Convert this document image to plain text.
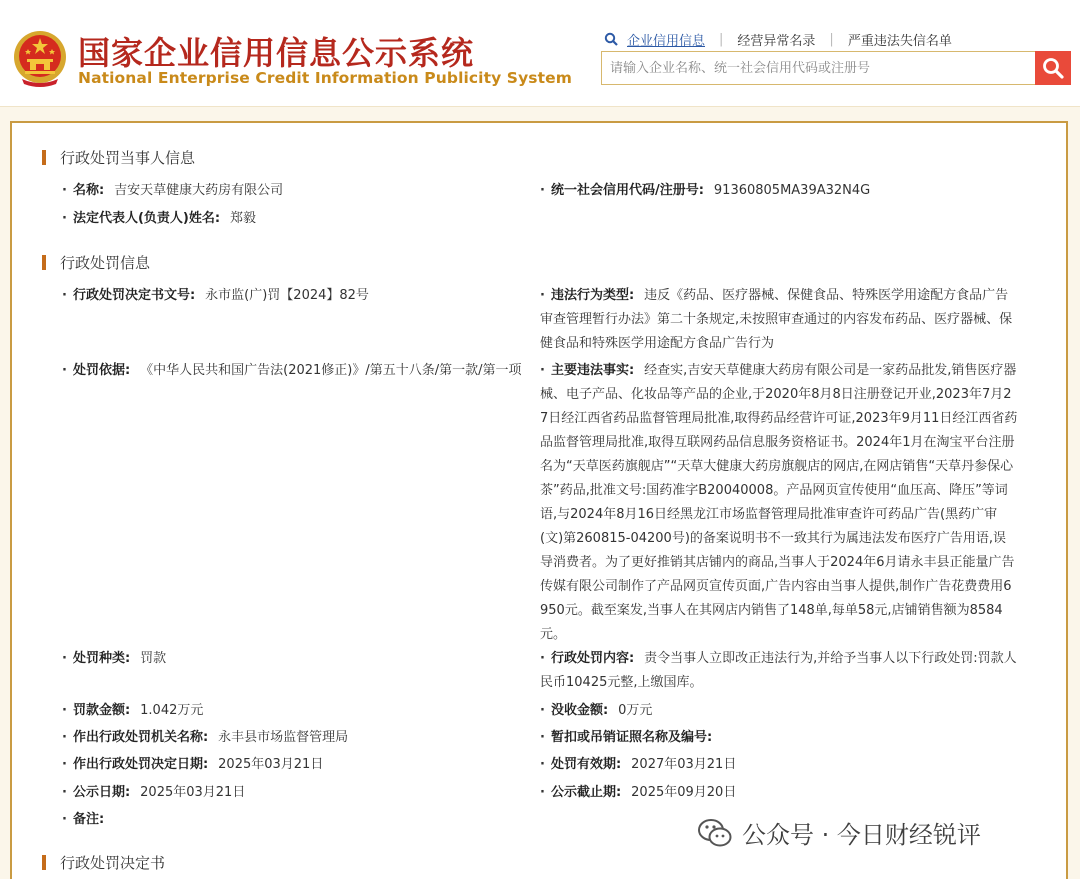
国家企业信用信息公示系统
National Enterprise Credit Information Publicity System
企业信用信息 | 经营异常名录 | 严重违法失信名单
请输入企业名称、统一社会信用代码或注册号
行政处罚当事人信息
· 名称: 吉安天草健康大药房有限公司	· 统一社会信用代码/注册号: 91360805MA39A32N4G
· 法定代表人(负责人)姓名: 郑毅
行政处罚信息
· 行政处罚决定书文号: 永市监(广)罚【2024】82号	· 违法行为类型: 违反《药品、医疗器械、保健食品、特殊医学用途配方食品广告审查管理暂行办法》第二十条规定,未按照审查通过的内容发布药品、医疗器械、保健食品和特殊医学用途配方食品广告行为
· 处罚依据: 《中华人民共和国广告法(2021修正)》/第五十八条/第一款/第一项	· 主要违法事实: 经查实,吉安天草健康大药房有限公司是一家药品批发,销售医疗器械、电子产品、化妆品等产品的企业,于2020年8月8日注册登记开业,2023年7月27日经江西省药品监督管理局批准,取得药品经营许可证,2023年9月11日经江西省药品监督管理局批准,取得互联网药品信息服务资格证书。2024年1月在淘宝平台注册名为“天草医药旗舰店”“天草大健康大药房旗舰店的网店,在网店销售“天草丹参保心茶”药品,批准文号:国药准字B20040008。产品网页宣传使用“血压高、降压”等词语,与2024年8月16日经黑龙江市场监督管理局批准审查许可药品广告(黑药广审(文)第260815-04200号)的备案说明书不一致其行为属违法发布医疗广告用语,误导消费者。为了更好推销其店铺内的商品,当事人于2024年6月请永丰县正能量广告传媒有限公司制作了产品网页宣传页面,广告内容由当事人提供,制作广告花费费用6950元。截至案发,当事人在其网店内销售了148单,每单58元,店铺销售额为8584元。
· 处罚种类: 罚款	· 行政处罚内容: 责令当事人立即改正违法行为,并给予当事人以下行政处罚:罚款人民币10425元整,上缴国库。
· 罚款金额: 1.042万元	· 没收金额: 0万元
· 作出行政处罚机关名称: 永丰县市场监督管理局	· 暂扣或吊销证照名称及编号:
· 作出行政处罚决定日期: 2025年03月21日	· 处罚有效期: 2027年03月21日
· 公示日期: 2025年03月21日	· 公示截止期: 2025年09月20日
· 备注:
行政处罚决定书
公众号 · 今日财经锐评
